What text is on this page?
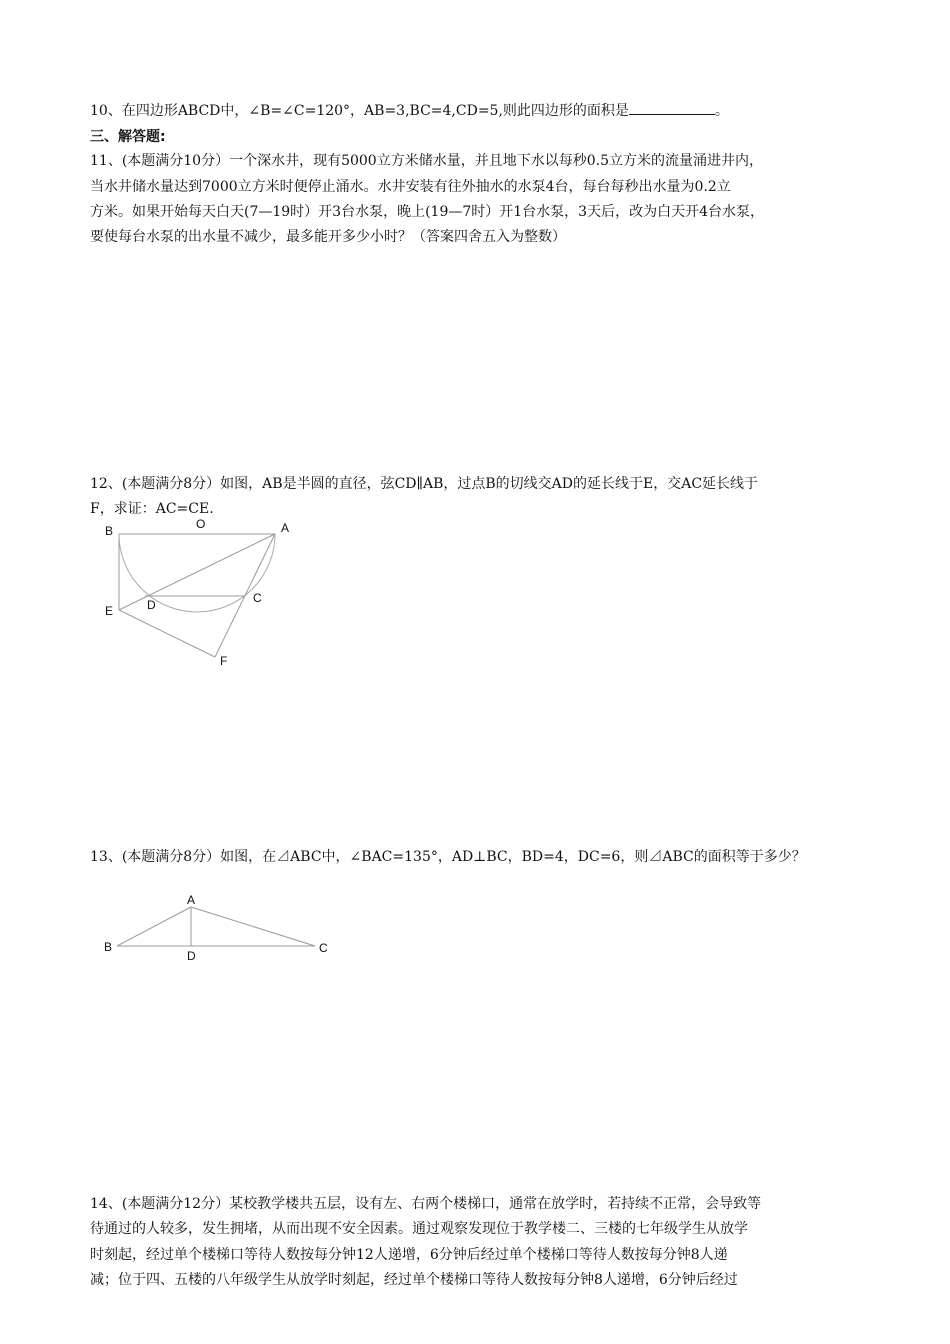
10、在四边形ABCD中，∠B=∠C=120°，AB=3,BC=4,CD=5,则此四边形的面积是	。
三、解答题:
11、(本题满分10分）一个深水井，现有5000立方米储水量，并且地下水以每秒0.5立方米的流量涌进井内，
当水井储水量达到7000立方米时便停止涌水。水井安装有往外抽水的水泵4台，每台每秒出水量为0.2立
方米。如果开始每天白天(7—19时）开3台水泵，晚上(19—7时）开1台水泵，3天后，改为白天开4台水泵，
要使每台水泵的出水量不减少，最多能开多少小时？（答案四舍五入为整数）
12、(本题满分8分）如图，AB是半圆的直径，弦CD∥AB，过点B的切线交AD的延长线于E，交AC延长线于
F，求证：AC=CE.
B	O	A
E	D	C
F
13、(本题满分8分）如图，在⊿ABC中，∠BAC=135°，AD⊥BC，BD=4，DC=6，则⊿ABC的面积等于多少？
A
B
D
C
14、(本题满分12分）某校教学楼共五层，设有左、右两个楼梯口，通常在放学时，若持续不正常，会导致等
待通过的人较多，发生拥堵，从而出现不安全因素。通过观察发现位于教学楼二、三楼的七年级学生从放学
时刻起，经过单个楼梯口等待人数按每分钟12人递增，6分钟后经过单个楼梯口等待人数按每分钟8人递
减；位于四、五楼的八年级学生从放学时刻起，经过单个楼梯口等待人数按每分钟8人递增，6分钟后经过
